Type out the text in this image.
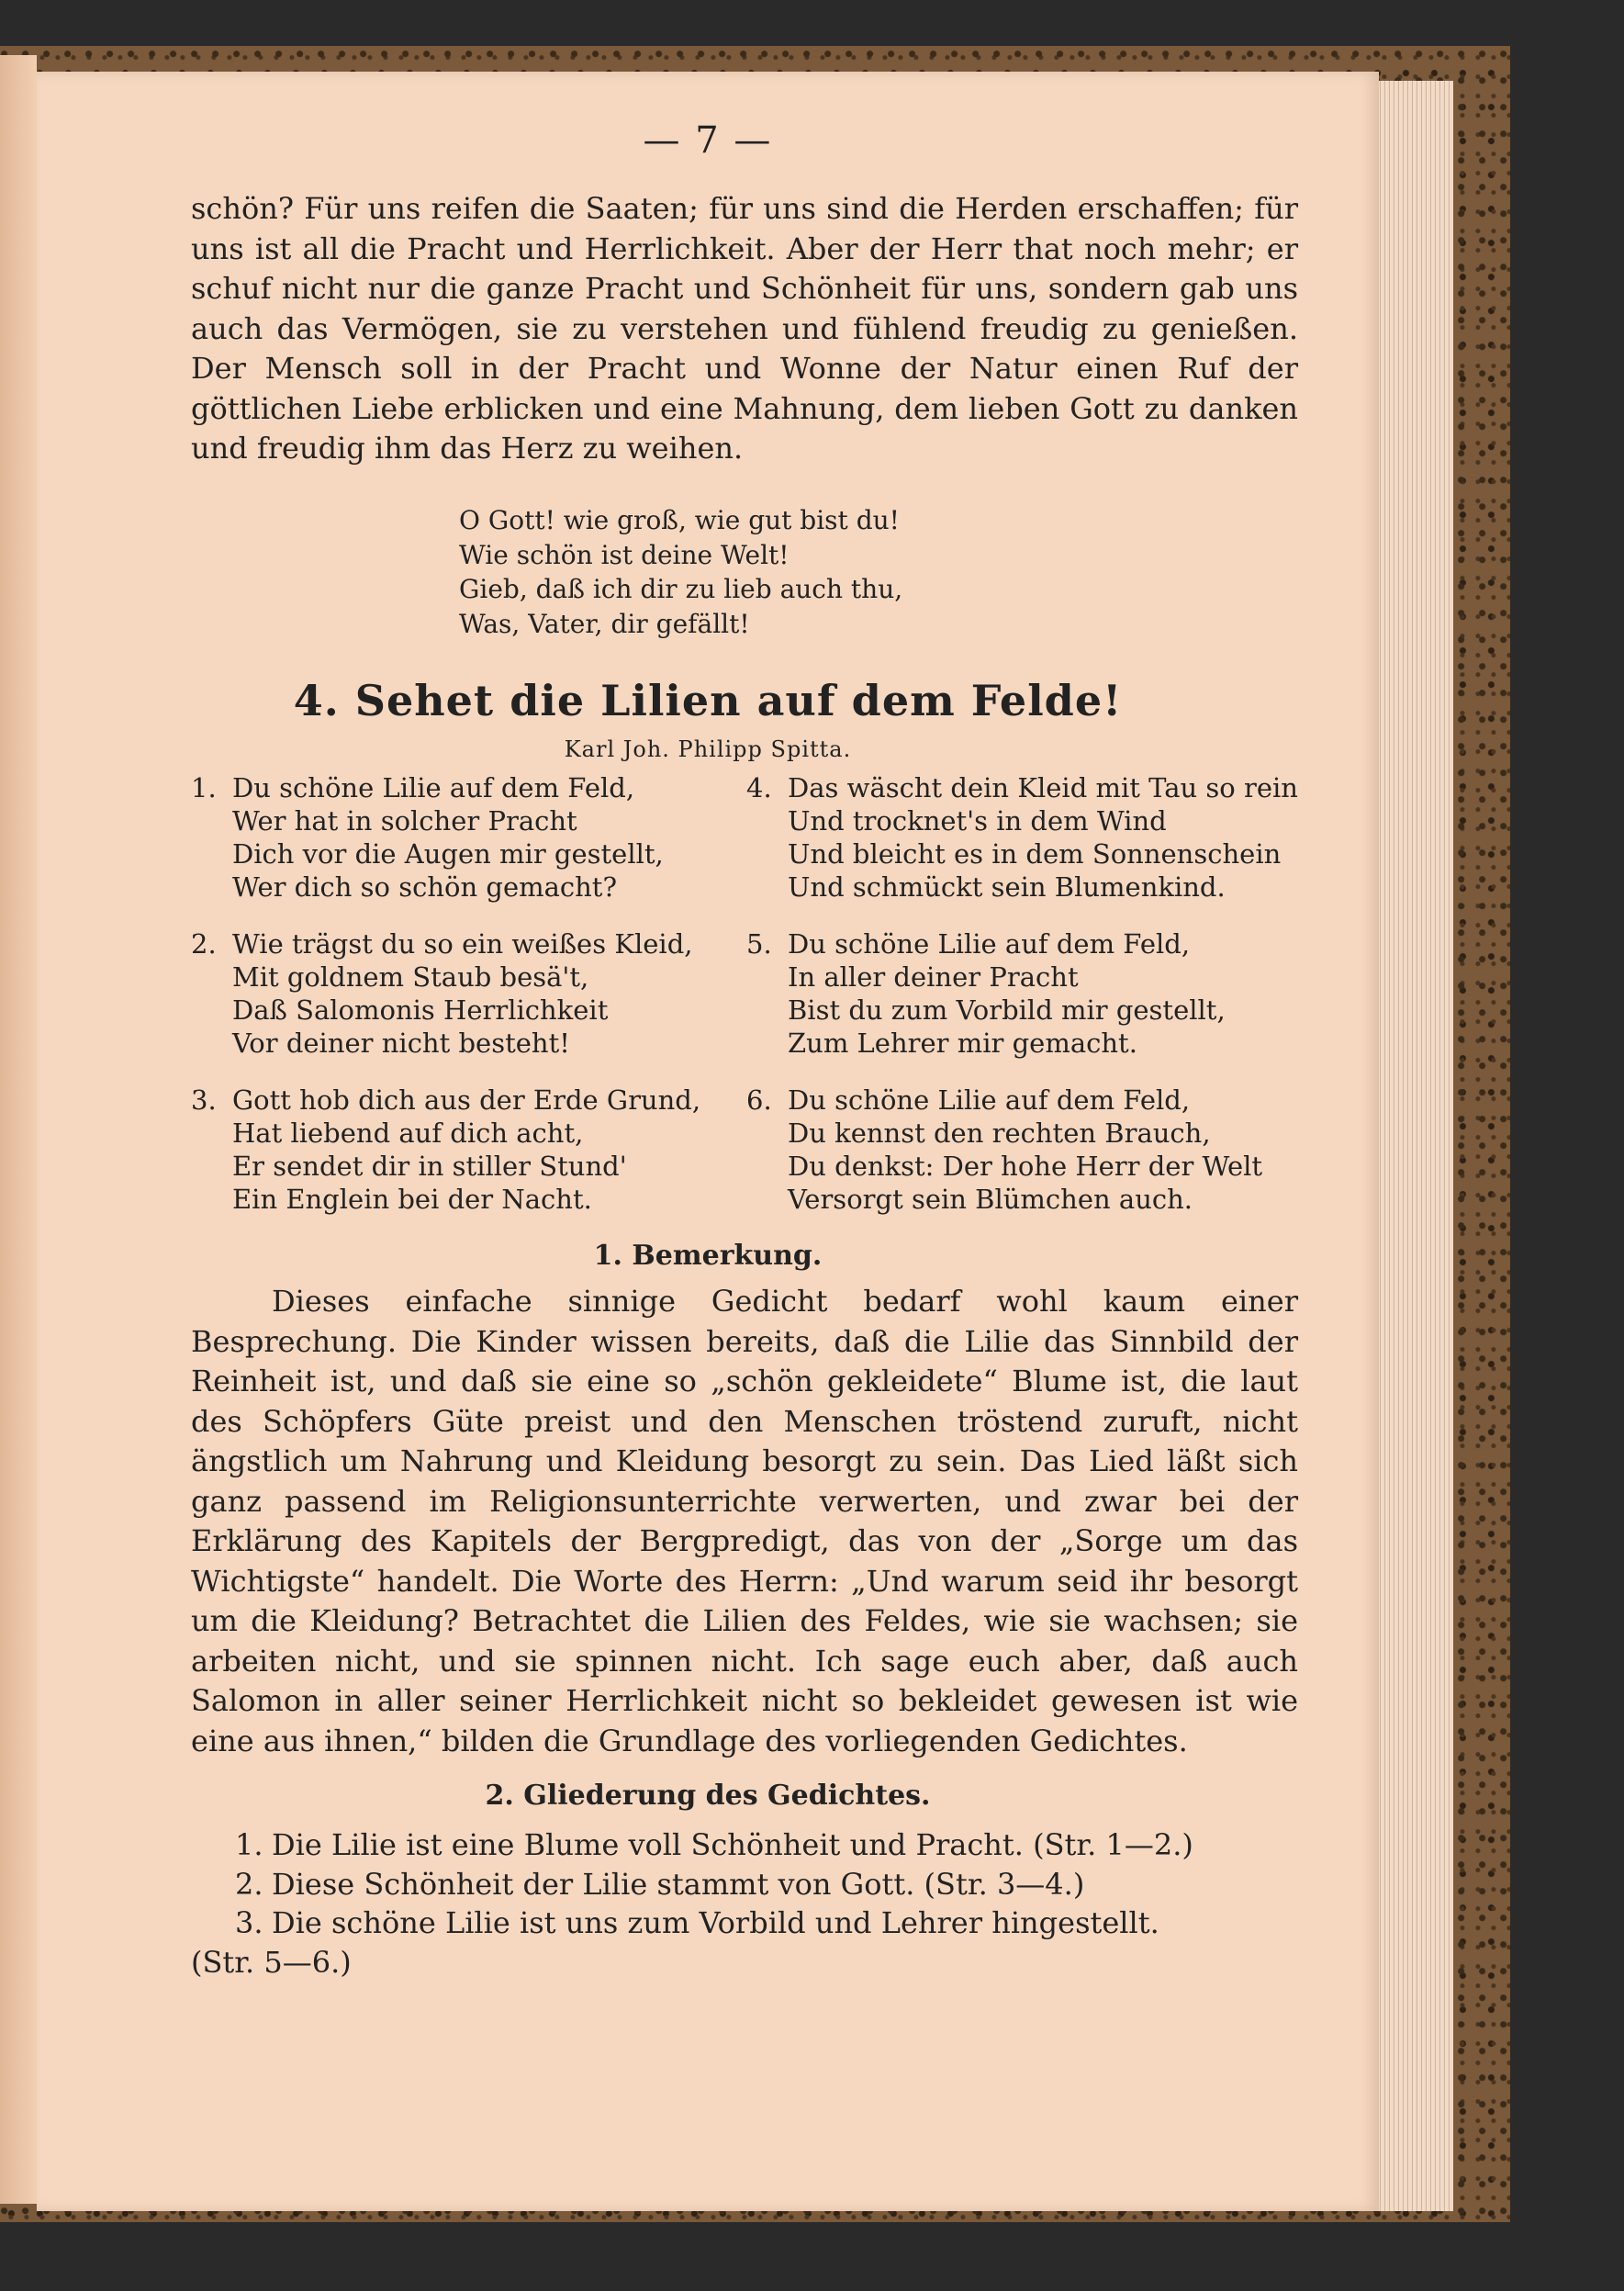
— 7 —

schön? Für uns reifen die Saaten; für uns sind die Herden erschaffen; für uns ist all die Pracht und Herrlichkeit. Aber der Herr that noch mehr; er schuf nicht nur die ganze Pracht und Schönheit für uns, sondern gab uns auch das Vermögen, sie zu verstehen und fühlend freudig zu genießen. Der Mensch soll in der Pracht und Wonne der Natur einen Ruf der göttlichen Liebe erblicken und eine Mahnung, dem lieben Gott zu danken und freudig ihm das Herz zu weihen.

O Gott! wie groß, wie gut bist du!
Wie schön ist deine Welt!
Gieb, daß ich dir zu lieb auch thu,
Was, Vater, dir gefällt!
4. Sehet die Lilien auf dem Felde!
Karl Joh. Philipp Spitta.
1. Du schöne Lilie auf dem Feld,
Wer hat in solcher Pracht
Dich vor die Augen mir gestellt,
Wer dich so schön gemacht?
2. Wie trägst du so ein weißes Kleid,
Mit goldnem Staub besä't,
Daß Salomonis Herrlichkeit
Vor deiner nicht besteht!
3. Gott hob dich aus der Erde Grund,
Hat liebend auf dich acht,
Er sendet dir in stiller Stund'
Ein Englein bei der Nacht.
4. Das wäscht dein Kleid mit Tau so rein
Und trocknet's in dem Wind
Und bleicht es in dem Sonnenschein
Und schmückt sein Blumenkind.
5. Du schöne Lilie auf dem Feld,
In aller deiner Pracht
Bist du zum Vorbild mir gestellt,
Zum Lehrer mir gemacht.
6. Du schöne Lilie auf dem Feld,
Du kennst den rechten Brauch,
Du denkst: Der hohe Herr der Welt
Versorgt sein Blümchen auch.
1. Bemerkung.

Dieses einfache sinnige Gedicht bedarf wohl kaum einer Besprechung. Die Kinder wissen bereits, daß die Lilie das Sinnbild der Reinheit ist, und daß sie eine so „schön gekleidete“ Blume ist, die laut des Schöpfers Güte preist und den Menschen tröstend zuruft, nicht ängstlich um Nahrung und Kleidung besorgt zu sein. Das Lied läßt sich ganz passend im Religionsunterrichte verwerten, und zwar bei der Erklärung des Kapitels der Bergpredigt, das von der „Sorge um das Wichtigste“ handelt. Die Worte des Herrn: „Und warum seid ihr besorgt um die Kleidung? Betrachtet die Lilien des Feldes, wie sie wachsen; sie arbeiten nicht, und sie spinnen nicht. Ich sage euch aber, daß auch Salomon in aller seiner Herrlichkeit nicht so bekleidet gewesen ist wie eine aus ihnen,“ bilden die Grundlage des vorliegenden Gedichtes.

2. Gliederung des Gedichtes.
1. Die Lilie ist eine Blume voll Schönheit und Pracht. (Str. 1—2.)
2. Diese Schönheit der Lilie stammt von Gott. (Str. 3—4.)
3. Die schöne Lilie ist uns zum Vorbild und Lehrer hingestellt.
(Str. 5—6.)
